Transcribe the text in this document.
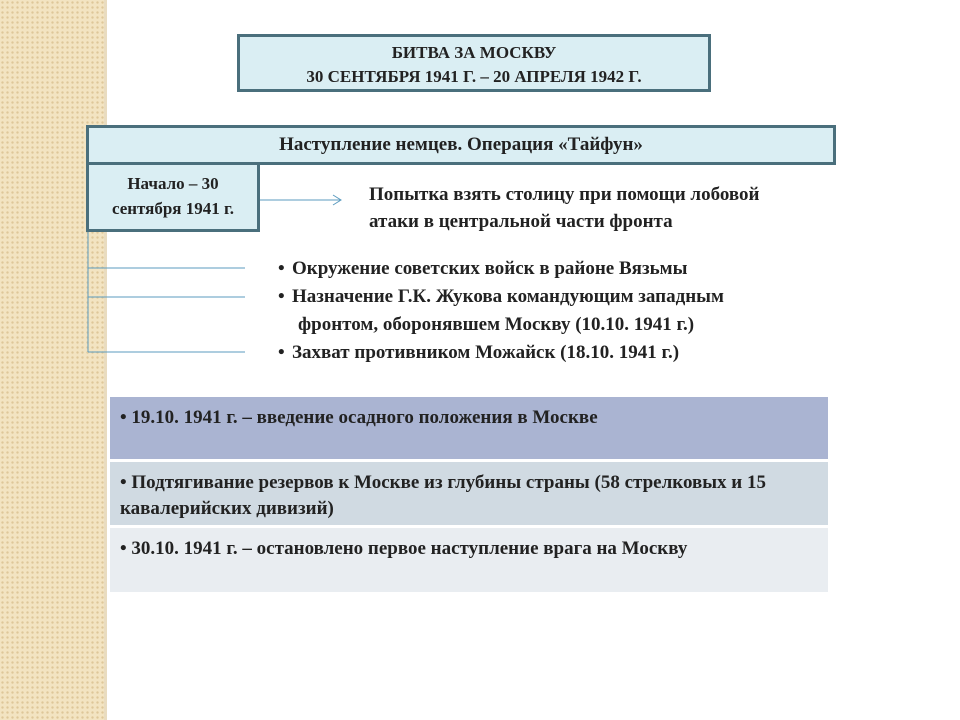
БИТВА ЗА МОСКВУ
30 СЕНТЯБРЯ 1941 Г. – 20 АПРЕЛЯ 1942 Г.
Наступление немцев. Операция «Тайфун»
Начало – 30
сентября 1941 г.
Попытка взять столицу при помощи лобовой
атаки в центральной части фронта
• Окружение советских войск в районе Вязьмы
• Назначение Г.К. Жукова командующим западным
фронтом, оборонявшем Москву (10.10. 1941 г.)
• Захват противником Можайск (18.10. 1941 г.)
• 19.10. 1941 г. – введение осадного положения в Москве
• Подтягивание резервов к Москве из глубины страны (58 стрелковых и 15 кавалерийских дивизий)
• 30.10. 1941 г. – остановлено первое наступление врага на Москву
